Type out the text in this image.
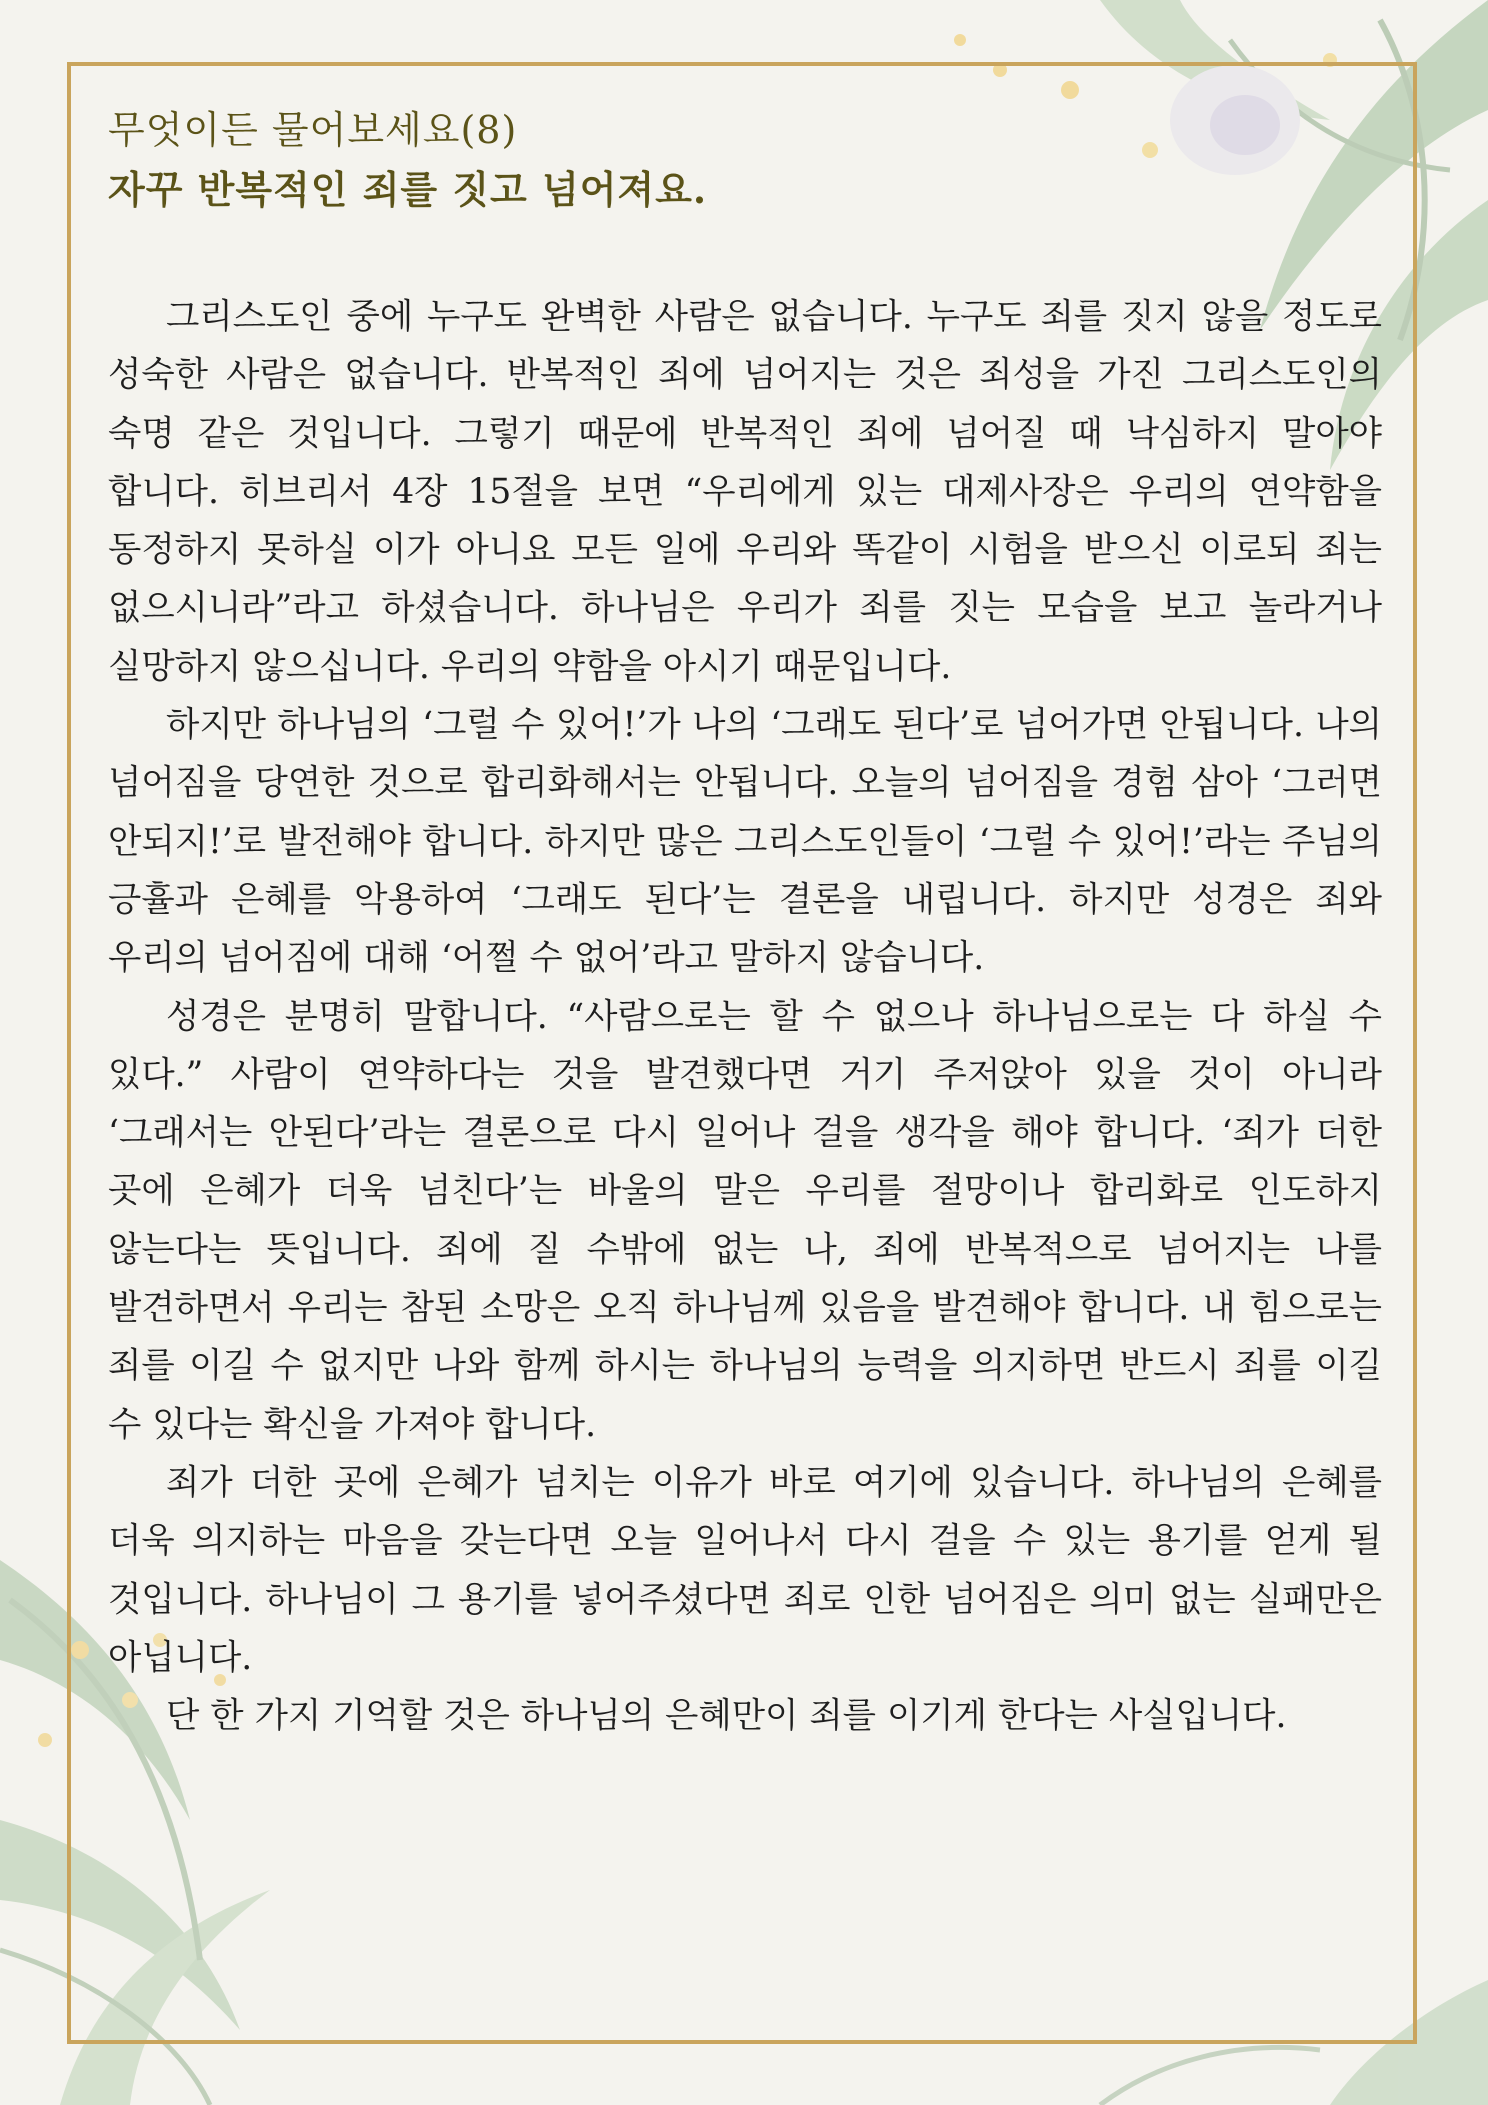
무엇이든 물어보세요(8)
자꾸 반복적인 죄를 짓고 넘어져요.

그리스도인 중에 누구도 완벽한 사람은 없습니다. 누구도 죄를 짓지 않을 정도로 성숙한 사람은 없습니다. 반복적인 죄에 넘어지는 것은 죄성을 가진 그리스도인의 숙명 같은 것입니다. 그렇기 때문에 반복적인 죄에 넘어질 때 낙심하지 말아야 합니다. 히브리서 4장 15절을 보면 “우리에게 있는 대제사장은 우리의 연약함을 동정하지 못하실 이가 아니요 모든 일에 우리와 똑같이 시험을 받으신 이로되 죄는 없으시니라”라고 하셨습니다. 하나님은 우리가 죄를 짓는 모습을 보고 놀라거나 실망하지 않으십니다. 우리의 약함을 아시기 때문입니다.

하지만 하나님의 ‘그럴 수 있어!’가 나의 ‘그래도 된다’로 넘어가면 안됩니다. 나의 넘어짐을 당연한 것으로 합리화해서는 안됩니다. 오늘의 넘어짐을 경험 삼아 ‘그러면 안되지!’로 발전해야 합니다. 하지만 많은 그리스도인들이 ‘그럴 수 있어!’라는 주님의 긍휼과 은혜를 악용하여 ‘그래도 된다’는 결론을 내립니다. 하지만 성경은 죄와 우리의 넘어짐에 대해 ‘어쩔 수 없어’라고 말하지 않습니다.

성경은 분명히 말합니다. “사람으로는 할 수 없으나 하나님으로는 다 하실 수 있다.” 사람이 연약하다는 것을 발견했다면 거기 주저앉아 있을 것이 아니라 ‘그래서는 안된다’라는 결론으로 다시 일어나 걸을 생각을 해야 합니다. ‘죄가 더한 곳에 은혜가 더욱 넘친다’는 바울의 말은 우리를 절망이나 합리화로 인도하지 않는다는 뜻입니다. 죄에 질 수밖에 없는 나, 죄에 반복적으로 넘어지는 나를 발견하면서 우리는 참된 소망은 오직 하나님께 있음을 발견해야 합니다. 내 힘으로는 죄를 이길 수 없지만 나와 함께 하시는 하나님의 능력을 의지하면 반드시 죄를 이길 수 있다는 확신을 가져야 합니다.

죄가 더한 곳에 은혜가 넘치는 이유가 바로 여기에 있습니다. 하나님의 은혜를 더욱 의지하는 마음을 갖는다면 오늘 일어나서 다시 걸을 수 있는 용기를 얻게 될 것입니다. 하나님이 그 용기를 넣어주셨다면 죄로 인한 넘어짐은 의미 없는 실패만은 아닙니다.

단 한 가지 기억할 것은 하나님의 은혜만이 죄를 이기게 한다는 사실입니다.
